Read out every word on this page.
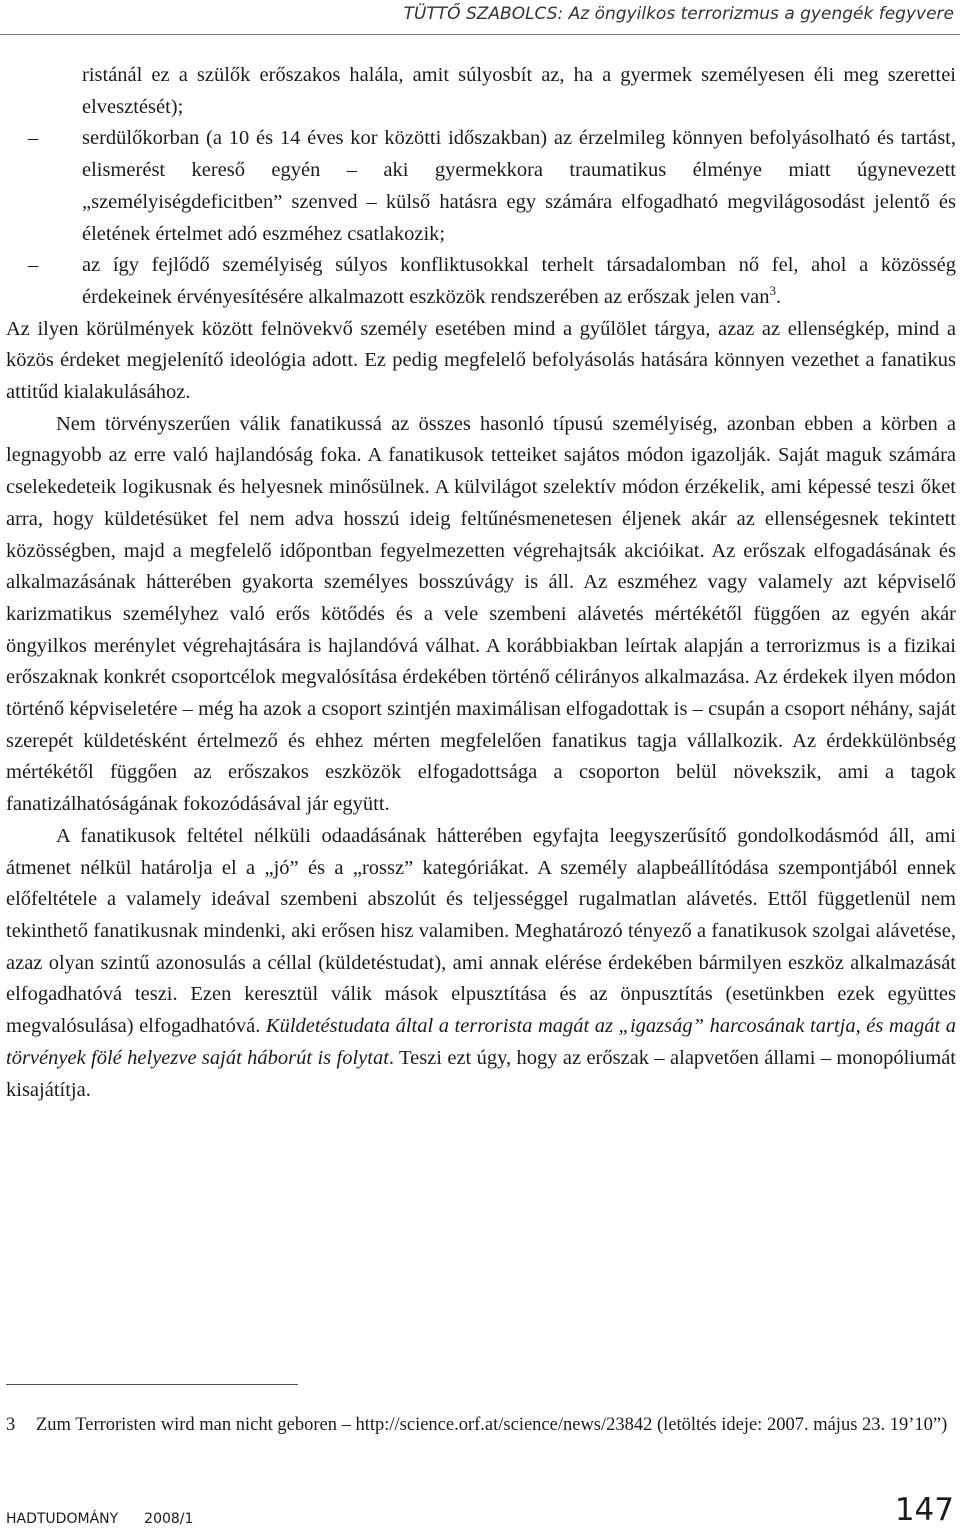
TÜTTŐ SZABOLCS: Az öngyilkos terrorizmus a gyengék fegyvere
ristánál ez a szülők erőszakos halála, amit súlyosbít az, ha a gyermek személyesen éli meg szerettei elvesztését);
– serdülőkorban (a 10 és 14 éves kor közötti időszakban) az érzelmileg könnyen befolyásolható és tartást, elismerést kereső egyén – aki gyermekkora traumatikus élménye miatt úgynevezett „személyiségdeficitben” szenved – külső hatásra egy számára elfogadható megvilágosodást jelentő és életének értelmet adó eszméhez csatlakozik;
– az így fejlődő személyiség súlyos konfliktusokkal terhelt társadalomban nő fel, ahol a közösség érdekeinek érvényesítésére alkalmazott eszközök rendszerében az erőszak jelen van$^3$.

Az ilyen körülmények között felnövekvő személy esetében mind a gyűlölet tárgya, azaz az ellenségkép, mind a közös érdeket megjelenítő ideológia adott. Ez pedig megfelelő befolyásolás hatására könnyen vezethet a fanatikus attitűd kialakulásához.

Nem törvényszerűen válik fanatikussá az összes hasonló típusú személyiség, azonban ebben a körben a legnagyobb az erre való hajlandóság foka. A fanatikusok tetteiket sajátos módon igazolják. Saját maguk számára cselekedeteik logikusnak és helyesnek minősülnek. A külvilágot szelektív módon érzékelik, ami képessé teszi őket arra, hogy küldetésüket fel nem adva hosszú ideig feltűnésmenetesen éljenek akár az ellenségesnek tekintett közösségben, majd a megfelelő időpontban fegyelmezetten végrehajtsák akcióikat. Az erőszak elfogadásának és alkalmazásának hátterében gyakorta személyes bosszúvágy is áll. Az eszméhez vagy valamely azt képviselő karizmatikus személyhez való erős kötődés és a vele szembeni alávetés mértékétől függően az egyén akár öngyilkos merénylet végrehajtására is hajlandóvá válhat. A korábbiakban leírtak alapján a terrorizmus is a fizikai erőszaknak konkrét csoportcélok megvalósítása érdekében történő célirányos alkalmazása. Az érdekek ilyen módon történő képviseletére – még ha azok a csoport szintjén maximálisan elfogadottak is – csupán a csoport néhány, saját szerepét küldetésként értelmező és ehhez mérten megfelelően fanatikus tagja vállalkozik. Az érdekkülönbség mértékétől függően az erőszakos eszközök elfogadottsága a csoporton belül növekszik, ami a tagok fanatizálhatóságának fokozódásával jár együtt.

A fanatikusok feltétel nélküli odaadásának hátterében egyfajta leegyszerűsítő gondolkodásmód áll, ami átmenet nélkül határolja el a „jó” és a „rossz” kategóriákat. A személy alapbeállítódása szempontjából ennek előfeltétele a valamely ideával szembeni abszolút és teljességgel rugalmatlan alávetés. Ettől függetlenül nem tekinthető fanatikusnak mindenki, aki erősen hisz valamiben. Meghatározó tényező a fanatikusok szolgai alávetése, azaz olyan szintű azonosulás a céllal (küldetéstudat), ami annak elérése érdekében bármilyen eszköz alkalmazását elfogadhatóvá teszi. Ezen keresztül válik mások elpusztítása és az önpusztítás (esetünkben ezek együttes megvalósulása) elfogadhatóvá. Küldetéstudata által a terrorista magát az „igazság” harcosának tartja, és magát a törvények fölé helyezve saját háborút is folytat. Teszi ezt úgy, hogy az erőszak – alapvetően állami – monopóliumát kisajátítja.

3 Zum Terroristen wird man nicht geboren – http://science.orf.at/science/news/23842 (letöltés ideje: 2007. május 23. 19’10”)
HADTUDOMÁNY 2008/1	147
